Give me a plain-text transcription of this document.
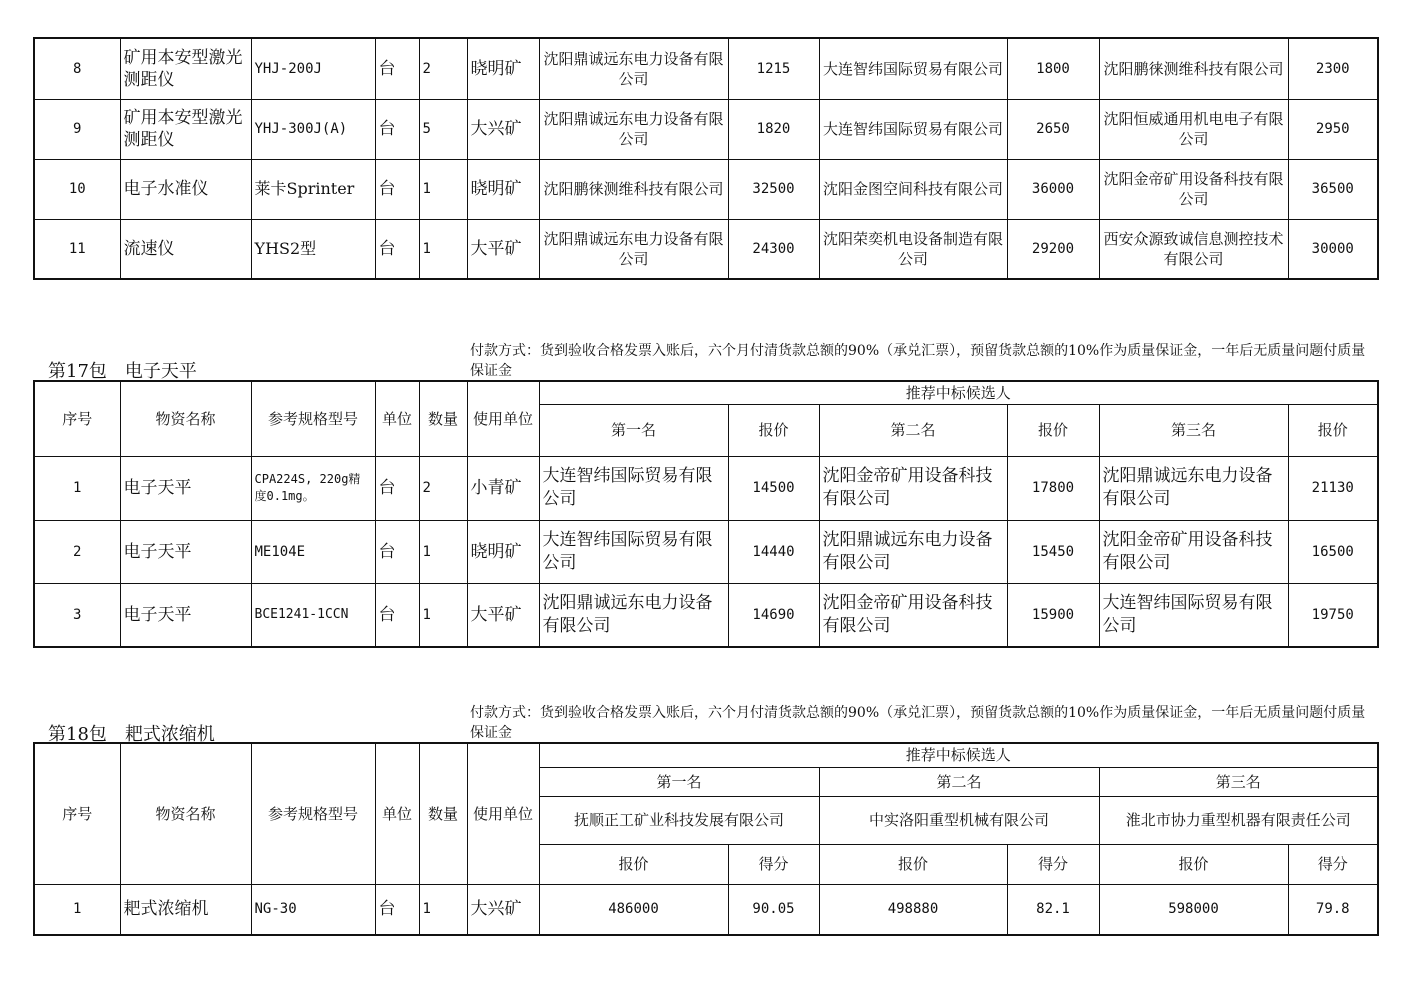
8	矿用本安型激光测距仪	YHJ-200J	台	2	晓明矿	沈阳鼎诚远东电力设备有限公司	1215	大连智纬国际贸易有限公司	1800	沈阳鹏徕测维科技有限公司	2300
9	矿用本安型激光测距仪	YHJ-300J(A)	台	5	大兴矿	沈阳鼎诚远东电力设备有限公司	1820	大连智纬国际贸易有限公司	2650	沈阳恒威通用机电电子有限公司	2950
10	电子水准仪	莱卡Sprinter	台	1	晓明矿	沈阳鹏徕测维科技有限公司	32500	沈阳金图空间科技有限公司	36000	沈阳金帝矿用设备科技有限公司	36500
11	流速仪	YHS2型	台	1	大平矿	沈阳鼎诚远东电力设备有限公司	24300	沈阳荣奕机电设备制造有限公司	29200	西安众源致诚信息测控技术有限公司	30000
第17包　电子天平
付款方式：货到验收合格发票入账后，六个月付清货款总额的90%（承兑汇票），预留货款总额的10%作为质量保证金，一年后无质量问题付质量保证金
序号	物资名称	参考规格型号	单位	数量	使用单位	推荐中标候选人					
						第一名	报价	第二名	报价	第三名	报价
1	电子天平	CPA224S, 220g精度0.1mg。	台	2	小青矿	大连智纬国际贸易有限公司	14500	沈阳金帝矿用设备科技有限公司	17800	沈阳鼎诚远东电力设备有限公司	21130
2	电子天平	ME104E	台	1	晓明矿	大连智纬国际贸易有限公司	14440	沈阳鼎诚远东电力设备有限公司	15450	沈阳金帝矿用设备科技有限公司	16500
3	电子天平	BCE1241-1CCN	台	1	大平矿	沈阳鼎诚远东电力设备有限公司	14690	沈阳金帝矿用设备科技有限公司	15900	大连智纬国际贸易有限公司	19750
第18包　耙式浓缩机
付款方式：货到验收合格发票入账后，六个月付清货款总额的90%（承兑汇票），预留货款总额的10%作为质量保证金，一年后无质量问题付质量保证金
序号	物资名称	参考规格型号	单位	数量	使用单位	推荐中标候选人					
						第一名		第二名		第三名	
						抚顺正工矿业科技发展有限公司		中实洛阳重型机械有限公司		淮北市协力重型机器有限责任公司	
						报价	得分	报价	得分	报价	得分
1	耙式浓缩机	NG-30	台	1	大兴矿	486000	90.05	498880	82.1	598000	79.8
